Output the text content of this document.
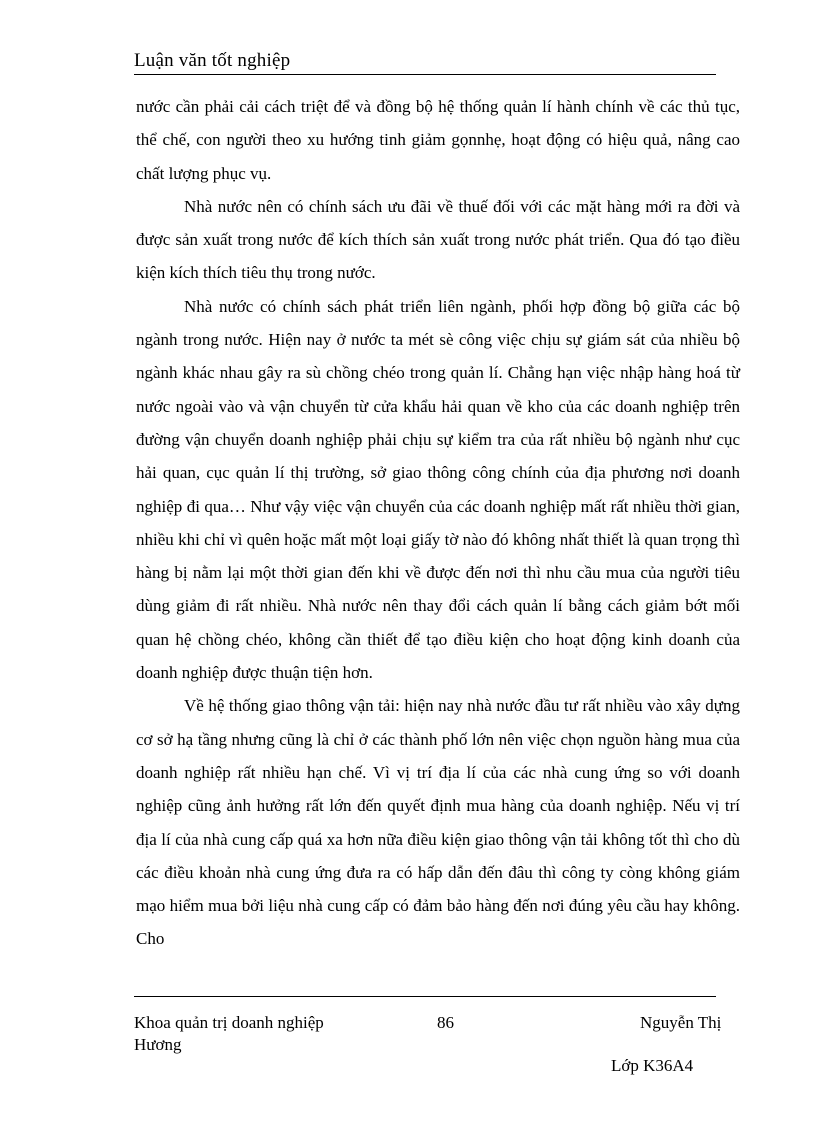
Luận văn tốt nghiệp

nước cần phải cải cách triệt để và đồng bộ hệ thống quản lí hành chính về các thủ tục, thể chế, con người theo xu hướng tinh giảm gọnnhẹ, hoạt động có hiệu quả, nâng cao chất lượng phục vụ.

Nhà nước nên có chính sách ưu đãi về thuế đối với các mặt hàng mới ra đời và được sản xuất trong nước để kích thích sản xuất trong nước phát triển. Qua đó tạo điều kiện kích thích tiêu thụ trong nước.

Nhà nước có chính sách phát triển liên ngành, phối hợp đồng bộ giữa các bộ ngành trong nước. Hiện nay ở nước ta mét sè công việc chịu sự giám sát của nhiều bộ ngành khác nhau gây ra sù chồng chéo trong quản lí. Chẳng hạn việc nhập hàng hoá từ nước ngoài vào và vận chuyển từ cửa khẩu hải quan về kho của các doanh nghiệp trên đường vận chuyển doanh nghiệp phải chịu sự kiểm tra của rất nhiều bộ ngành như cục hải quan, cục quản lí thị trường, sở giao thông công chính của địa phương nơi doanh nghiệp đi qua… Như vậy việc vận chuyển của các doanh nghiệp mất rất nhiều thời gian, nhiều khi chỉ vì quên hoặc mất một loại giấy tờ nào đó không nhất thiết là quan trọng thì hàng bị nằm lại một thời gian đến khi về được đến nơi thì nhu cầu mua của người tiêu dùng giảm đi rất nhiều. Nhà nước nên thay đổi cách quản lí bằng cách giảm bớt mối quan hệ chồng chéo, không cần thiết để tạo điều kiện cho hoạt động kinh doanh của doanh nghiệp được thuận tiện hơn.

Về hệ thống giao thông vận tải: hiện nay nhà nước đầu tư rất nhiều vào xây dựng cơ sở hạ tầng nhưng cũng là chỉ ở các thành phố lớn nên việc chọn nguồn hàng mua của doanh nghiệp rất nhiều hạn chế. Vì vị trí địa lí của các nhà cung ứng so với doanh nghiệp cũng ảnh hưởng rất lớn đến quyết định mua hàng của doanh nghiệp. Nếu vị trí địa lí của nhà cung cấp quá xa hơn nữa điều kiện giao thông vận tải không tốt thì cho dù các điều khoản nhà cung ứng đưa ra có hấp dẫn đến đâu thì công ty còng không giám mạo hiểm mua bởi liệu nhà cung cấp có đảm bảo hàng đến nơi đúng yêu cầu hay không. Cho

Khoa quản trị doanh nghiệp	86	Nguyễn Thị
Hương
Lớp K36A4
